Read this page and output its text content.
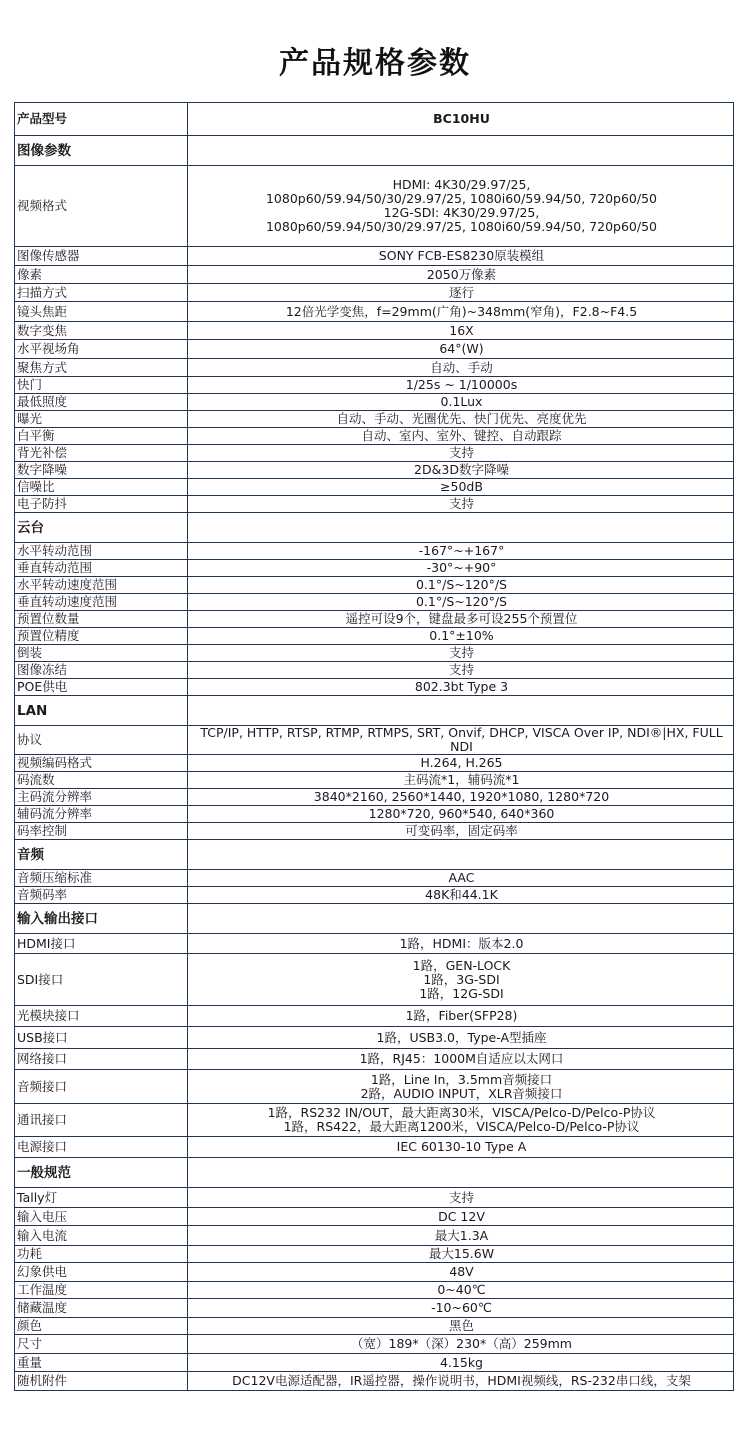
产品规格参数
产品型号	BC10HU
图像参数	
视频格式	HDMI: 4K30/29.97/25,
1080p60/59.94/50/30/29.97/25, 1080i60/59.94/50, 720p60/50
12G-SDI: 4K30/29.97/25,
1080p60/59.94/50/30/29.97/25, 1080i60/59.94/50, 720p60/50
图像传感器	SONY FCB-ES8230原装模组
像素	2050万像素
扫描方式	逐行
镜头焦距	12倍光学变焦，f=29mm(广角)~348mm(窄角)，F2.8~F4.5
数字变焦	16X
水平视场角	64°(W)
聚焦方式	自动、手动
快门	1/25s ~ 1/10000s
最低照度	0.1Lux
曝光	自动、手动、光圈优先、快门优先、亮度优先
白平衡	自动、室内、室外、键控、自动跟踪
背光补偿	支持
数字降噪	2D&3D数字降噪
信噪比	≥50dB
电子防抖	支持
云台	
水平转动范围	-167°~+167°
垂直转动范围	-30°~+90°
水平转动速度范围	0.1°/S~120°/S
垂直转动速度范围	0.1°/S~120°/S
预置位数量	遥控可设9个，键盘最多可设255个预置位
预置位精度	0.1°±10%
倒装	支持
图像冻结	支持
POE供电	802.3bt Type 3
LAN	
协议	TCP/IP, HTTP, RTSP, RTMP, RTMPS, SRT, Onvif, DHCP, VISCA Over IP, NDI®|HX, FULL NDI
视频编码格式	H.264, H.265
码流数	主码流*1，辅码流*1
主码流分辨率	3840*2160, 2560*1440, 1920*1080, 1280*720
辅码流分辨率	1280*720, 960*540, 640*360
码率控制	可变码率，固定码率
音频	
音频压缩标准	AAC
音频码率	48K和44.1K
输入输出接口	
HDMI接口	1路，HDMI：版本2.0
SDI接口	1路，GEN-LOCK
1路，3G-SDI
1路，12G-SDI
光模块接口	1路，Fiber(SFP28)
USB接口	1路，USB3.0，Type-A型插座
网络接口	1路，RJ45：1000M自适应以太网口
音频接口	1路，Line In，3.5mm音频接口
2路，AUDIO INPUT，XLR音频接口
通讯接口	1路，RS232 IN/OUT，最大距离30米，VISCA/Pelco-D/Pelco-P协议
1路，RS422，最大距离1200米，VISCA/Pelco-D/Pelco-P协议
电源接口	IEC 60130-10 Type A
一般规范	
Tally灯	支持
输入电压	DC 12V
输入电流	最大1.3A
功耗	最大15.6W
幻象供电	48V
工作温度	0~40℃
储藏温度	-10~60℃
颜色	黑色
尺寸	（宽）189*（深）230*（高）259mm
重量	4.15kg
随机附件	DC12V电源适配器，IR遥控器，操作说明书，HDMI视频线，RS-232串口线，支架
